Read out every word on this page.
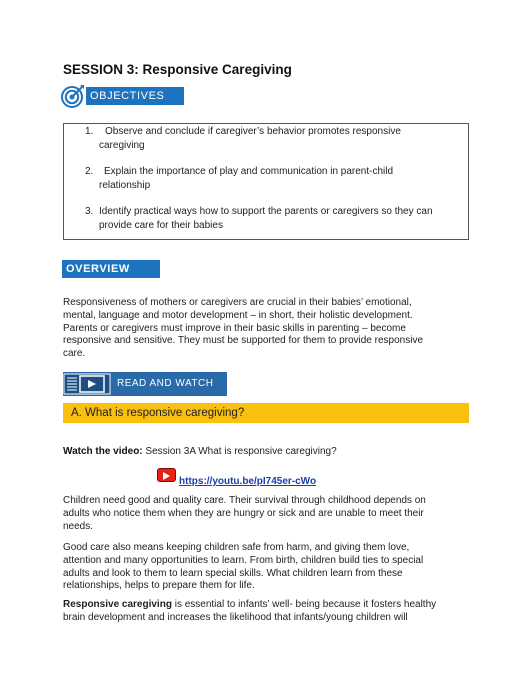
SESSION 3: Responsive Caregiving
OBJECTIVES
1. Observe and conclude if caregiver’s behavior promotes responsive
caregiving
2. Explain the importance of play and communication in parent-child
relationship
3. Identify practical ways how to support the parents or caregivers so they can
provide care for their babies
OVERVIEW
Responsiveness of mothers or caregivers are crucial in their babies’ emotional,
mental, language and motor development – in short, their holistic development.
Parents or caregivers must improve in their basic skills in parenting – become
responsive and sensitive. They must be supported for them to provide responsive
care.
READ AND WATCH
A. What is responsive caregiving?
Watch the video: Session 3A What is responsive caregiving?
https://youtu.be/pI745er-cWo
Children need good and quality care. Their survival through childhood depends on
adults who notice them when they are hungry or sick and are unable to meet their
needs.
Good care also means keeping children safe from harm, and giving them love,
attention and many opportunities to learn. From birth, children build ties to special
adults and look to them to learn special skills. What children learn from these
relationships, helps to prepare them for life.
Responsive caregiving is essential to infants’ well- being because it fosters healthy
brain development and increases the likelihood that infants/young children will
